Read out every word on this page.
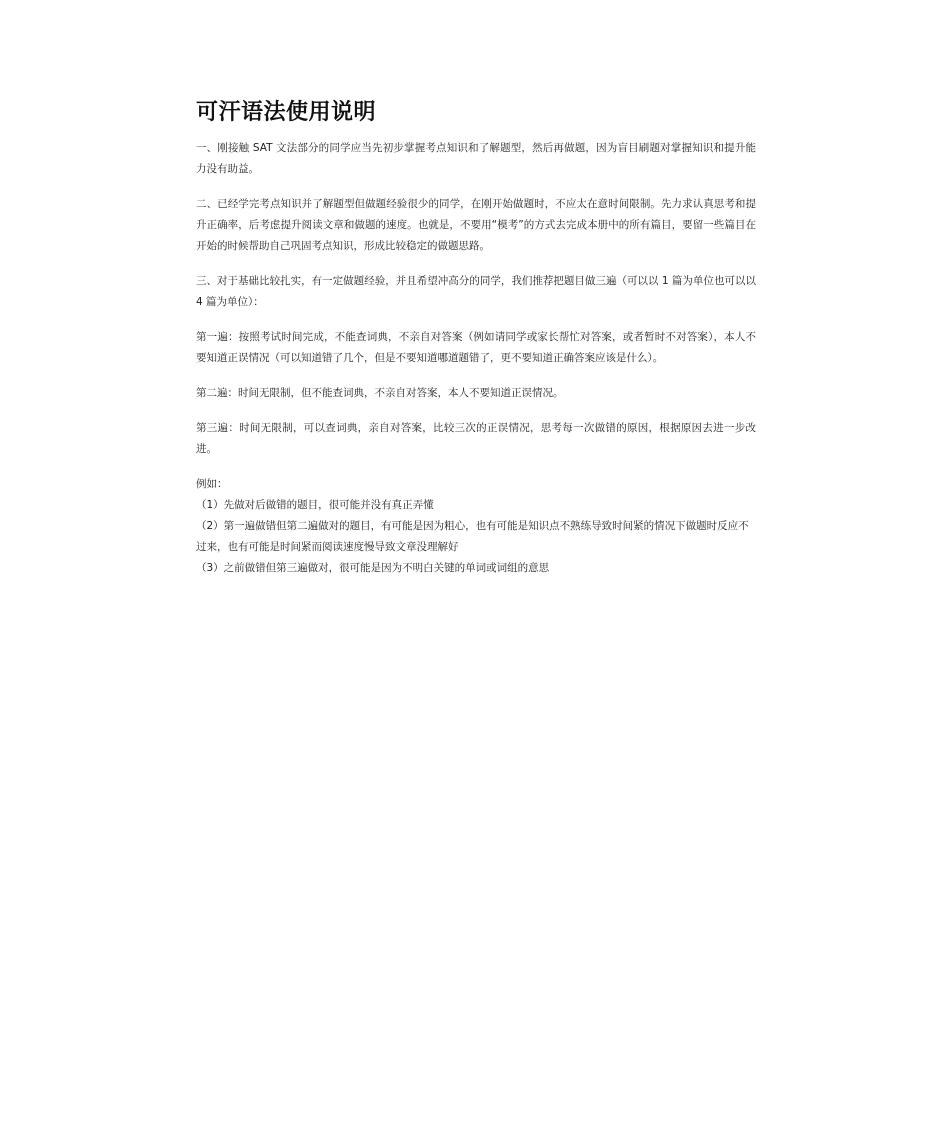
可汗语法使用说明

一、刚接触 SAT 文法部分的同学应当先初步掌握考点知识和了解题型，然后再做题，因为盲目刷题对掌握知识和提升能力没有助益。

二、已经学完考点知识并了解题型但做题经验很少的同学，在刚开始做题时，不应太在意时间限制。先力求认真思考和提升正确率，后考虑提升阅读文章和做题的速度。也就是，不要用“模考”的方式去完成本册中的所有篇目，要留一些篇目在开始的时候帮助自己巩固考点知识，形成比较稳定的做题思路。

三、对于基础比较扎实，有一定做题经验，并且希望冲高分的同学，我们推荐把题目做三遍（可以以 1 篇为单位也可以以 4 篇为单位）：

第一遍：按照考试时间完成，不能查词典，不亲自对答案（例如请同学或家长帮忙对答案，或者暂时不对答案），本人不要知道正误情况（可以知道错了几个，但是不要知道哪道题错了，更不要知道正确答案应该是什么）。

第二遍：时间无限制，但不能查词典，不亲自对答案，本人不要知道正误情况。

第三遍：时间无限制，可以查词典，亲自对答案，比较三次的正误情况，思考每一次做错的原因，根据原因去进一步改进。

例如：
（1）先做对后做错的题目，很可能并没有真正弄懂
（2）第一遍做错但第二遍做对的题目，有可能是因为粗心，也有可能是知识点不熟练导致时间紧的情况下做题时反应不过来，也有可能是时间紧而阅读速度慢导致文章没理解好
（3）之前做错但第三遍做对，很可能是因为不明白关键的单词或词组的意思
